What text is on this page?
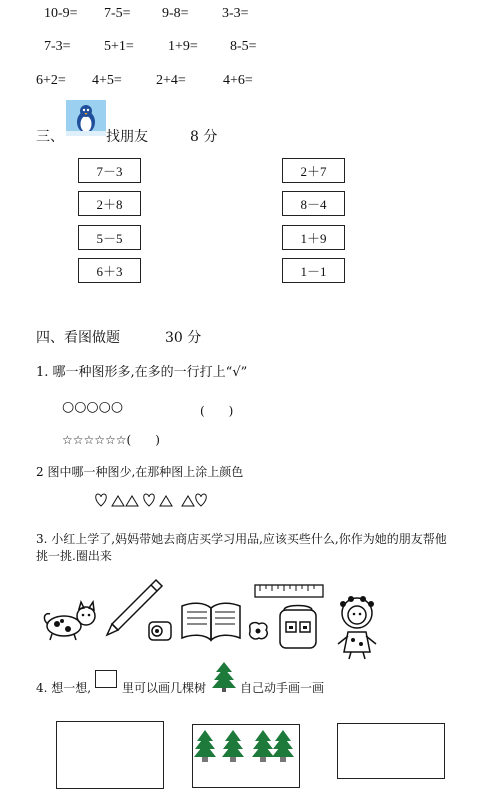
10-9= 7-5= 9-8= 3-3=
7-3= 5+1= 1+9= 8-5=
6+2= 4+5= 2+4=	4+6=
三、	找朋友	8 分
7－3
2＋8
5－5
6＋3
2＋7
8－4
1＋9
1－1
四、看图做题	30 分
1. 哪一种图形多,在多的一行打上“√”
○○○○○	(　　)
☆☆☆☆☆☆(　　)
2 图中哪一种图少,在那种图上涂上颜色
3. 小红上学了,妈妈带她去商店买学习用品,应该买些什么,你作为她的朋友帮他
挑一挑.圈出来
4. 想一想,	里可以画几棵树	自己动手画一画
